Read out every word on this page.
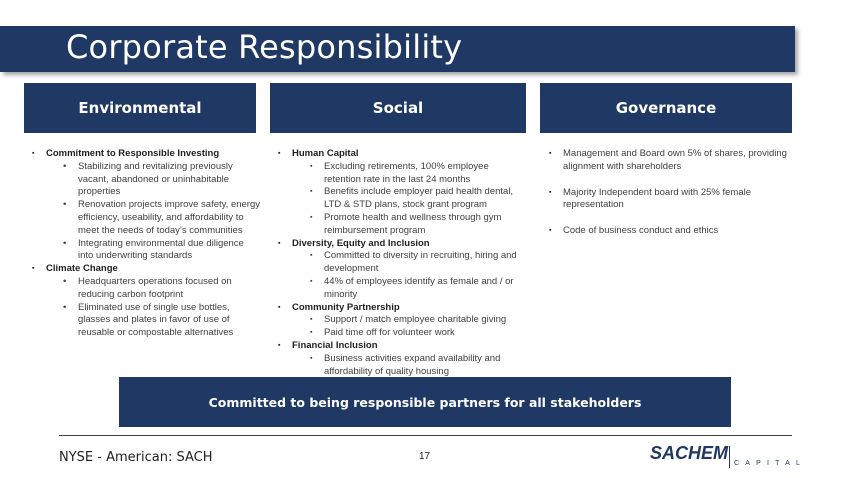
Corporate Responsibility
Environmental	Social	Governance
▪ Commitment to Responsible Investing
• Stabilizing and revitalizing previously vacant, abandoned or uninhabitable properties
• Renovation projects improve safety, energy efficiency, useability, and affordability to meet the needs of today’s communities
• Integrating environmental due diligence into underwriting standards
▪ Climate Change
• Headquarters operations focused on reducing carbon footprint
• Eliminated use of single use bottles, glasses and plates in favor of use of reusable or compostable alternatives
▪ Human Capital
▪ Excluding retirements, 100% employee retention rate in the last 24 months
▪ Benefits include employer paid health dental, LTD & STD plans, stock grant program
▪ Promote health and wellness through gym reimbursement program
▪ Diversity, Equity and Inclusion
▪ Committed to diversity in recruiting, hiring and development
▪ 44% of employees identify as female and / or minority
▪ Community Partnership
▪ Support / match employee charitable giving
▪ Paid time off for volunteer work
▪ Financial Inclusion
▪ Business activities expand availability and affordability of quality housing
▪ Management and Board own 5% of shares, providing alignment with shareholders
▪ Majority Independent board with 25% female representation
▪ Code of business conduct and ethics
Committed to being responsible partners for all stakeholders
NYSE - American: SACH	17	SACHEM
CAPITAL
